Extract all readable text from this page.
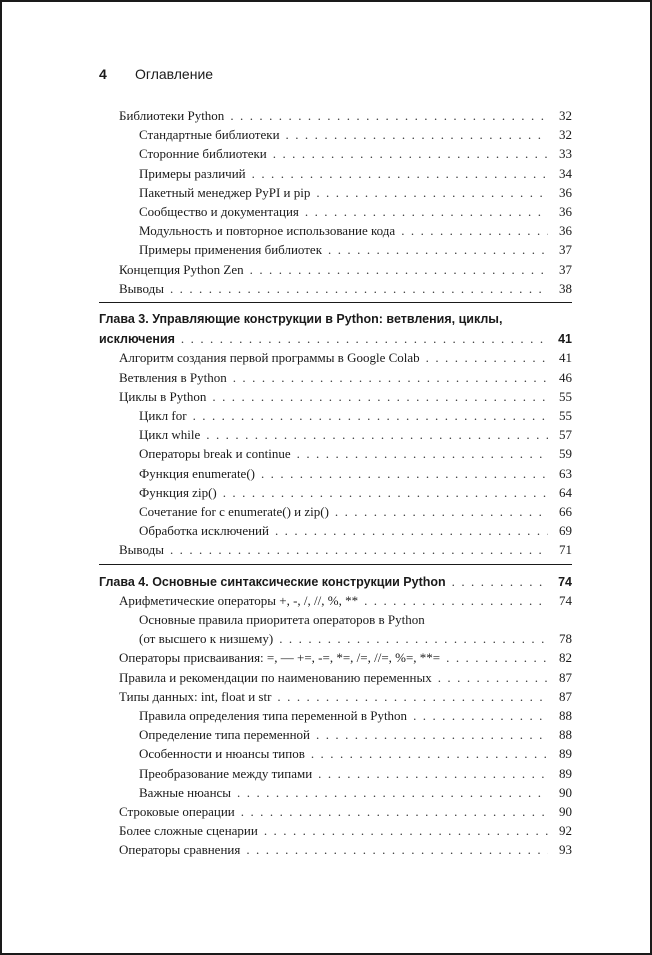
4	Оглавление
Библиотеки Python . . .	32
Стандартные библиотеки . . .	32
Сторонние библиотеки . . .	33
Примеры различий . . .	34
Пакетный менеджер PyPI и pip . . .	36
Сообщество и документация . . .	36
Модульность и повторное использование кода . . .	36
Примеры применения библиотек . . .	37
Концепция Python Zen . . .	37
Выводы . . .	38
Глава 3. Управляющие конструкции в Python: ветвления, циклы,
исключения . . .	41
Алгоритм создания первой программы в Google Colab . . .	41
Ветвления в Python . . .	46
Циклы в Python . . .	55
Цикл for . . .	55
Цикл while . . .	57
Операторы break и continue . . .	59
Функция enumerate() . . .	63
Функция zip() . . .	64
Сочетание for с enumerate() и zip() . . .	66
Обработка исключений . . .	69
Выводы . . .	71
Глава 4. Основные синтаксические конструкции Python . . .	74
Арифметические операторы +, -, /, //, %, ** . . .	74
Основные правила приоритета операторов в Python
(от высшего к низшему) . . .	78
Операторы присваивания: =, — +=, -=, *=, /=, //=, %=, **= . . .	82
Правила и рекомендации по наименованию переменных . . .	87
Типы данных: int, float и str . . .	87
Правила определения типа переменной в Python . . .	88
Определение типа переменной . . .	88
Особенности и нюансы типов . . .	89
Преобразование между типами . . .	89
Важные нюансы . . .	90
Строковые операции . . .	90
Более сложные сценарии . . .	92
Операторы сравнения . . .	93
